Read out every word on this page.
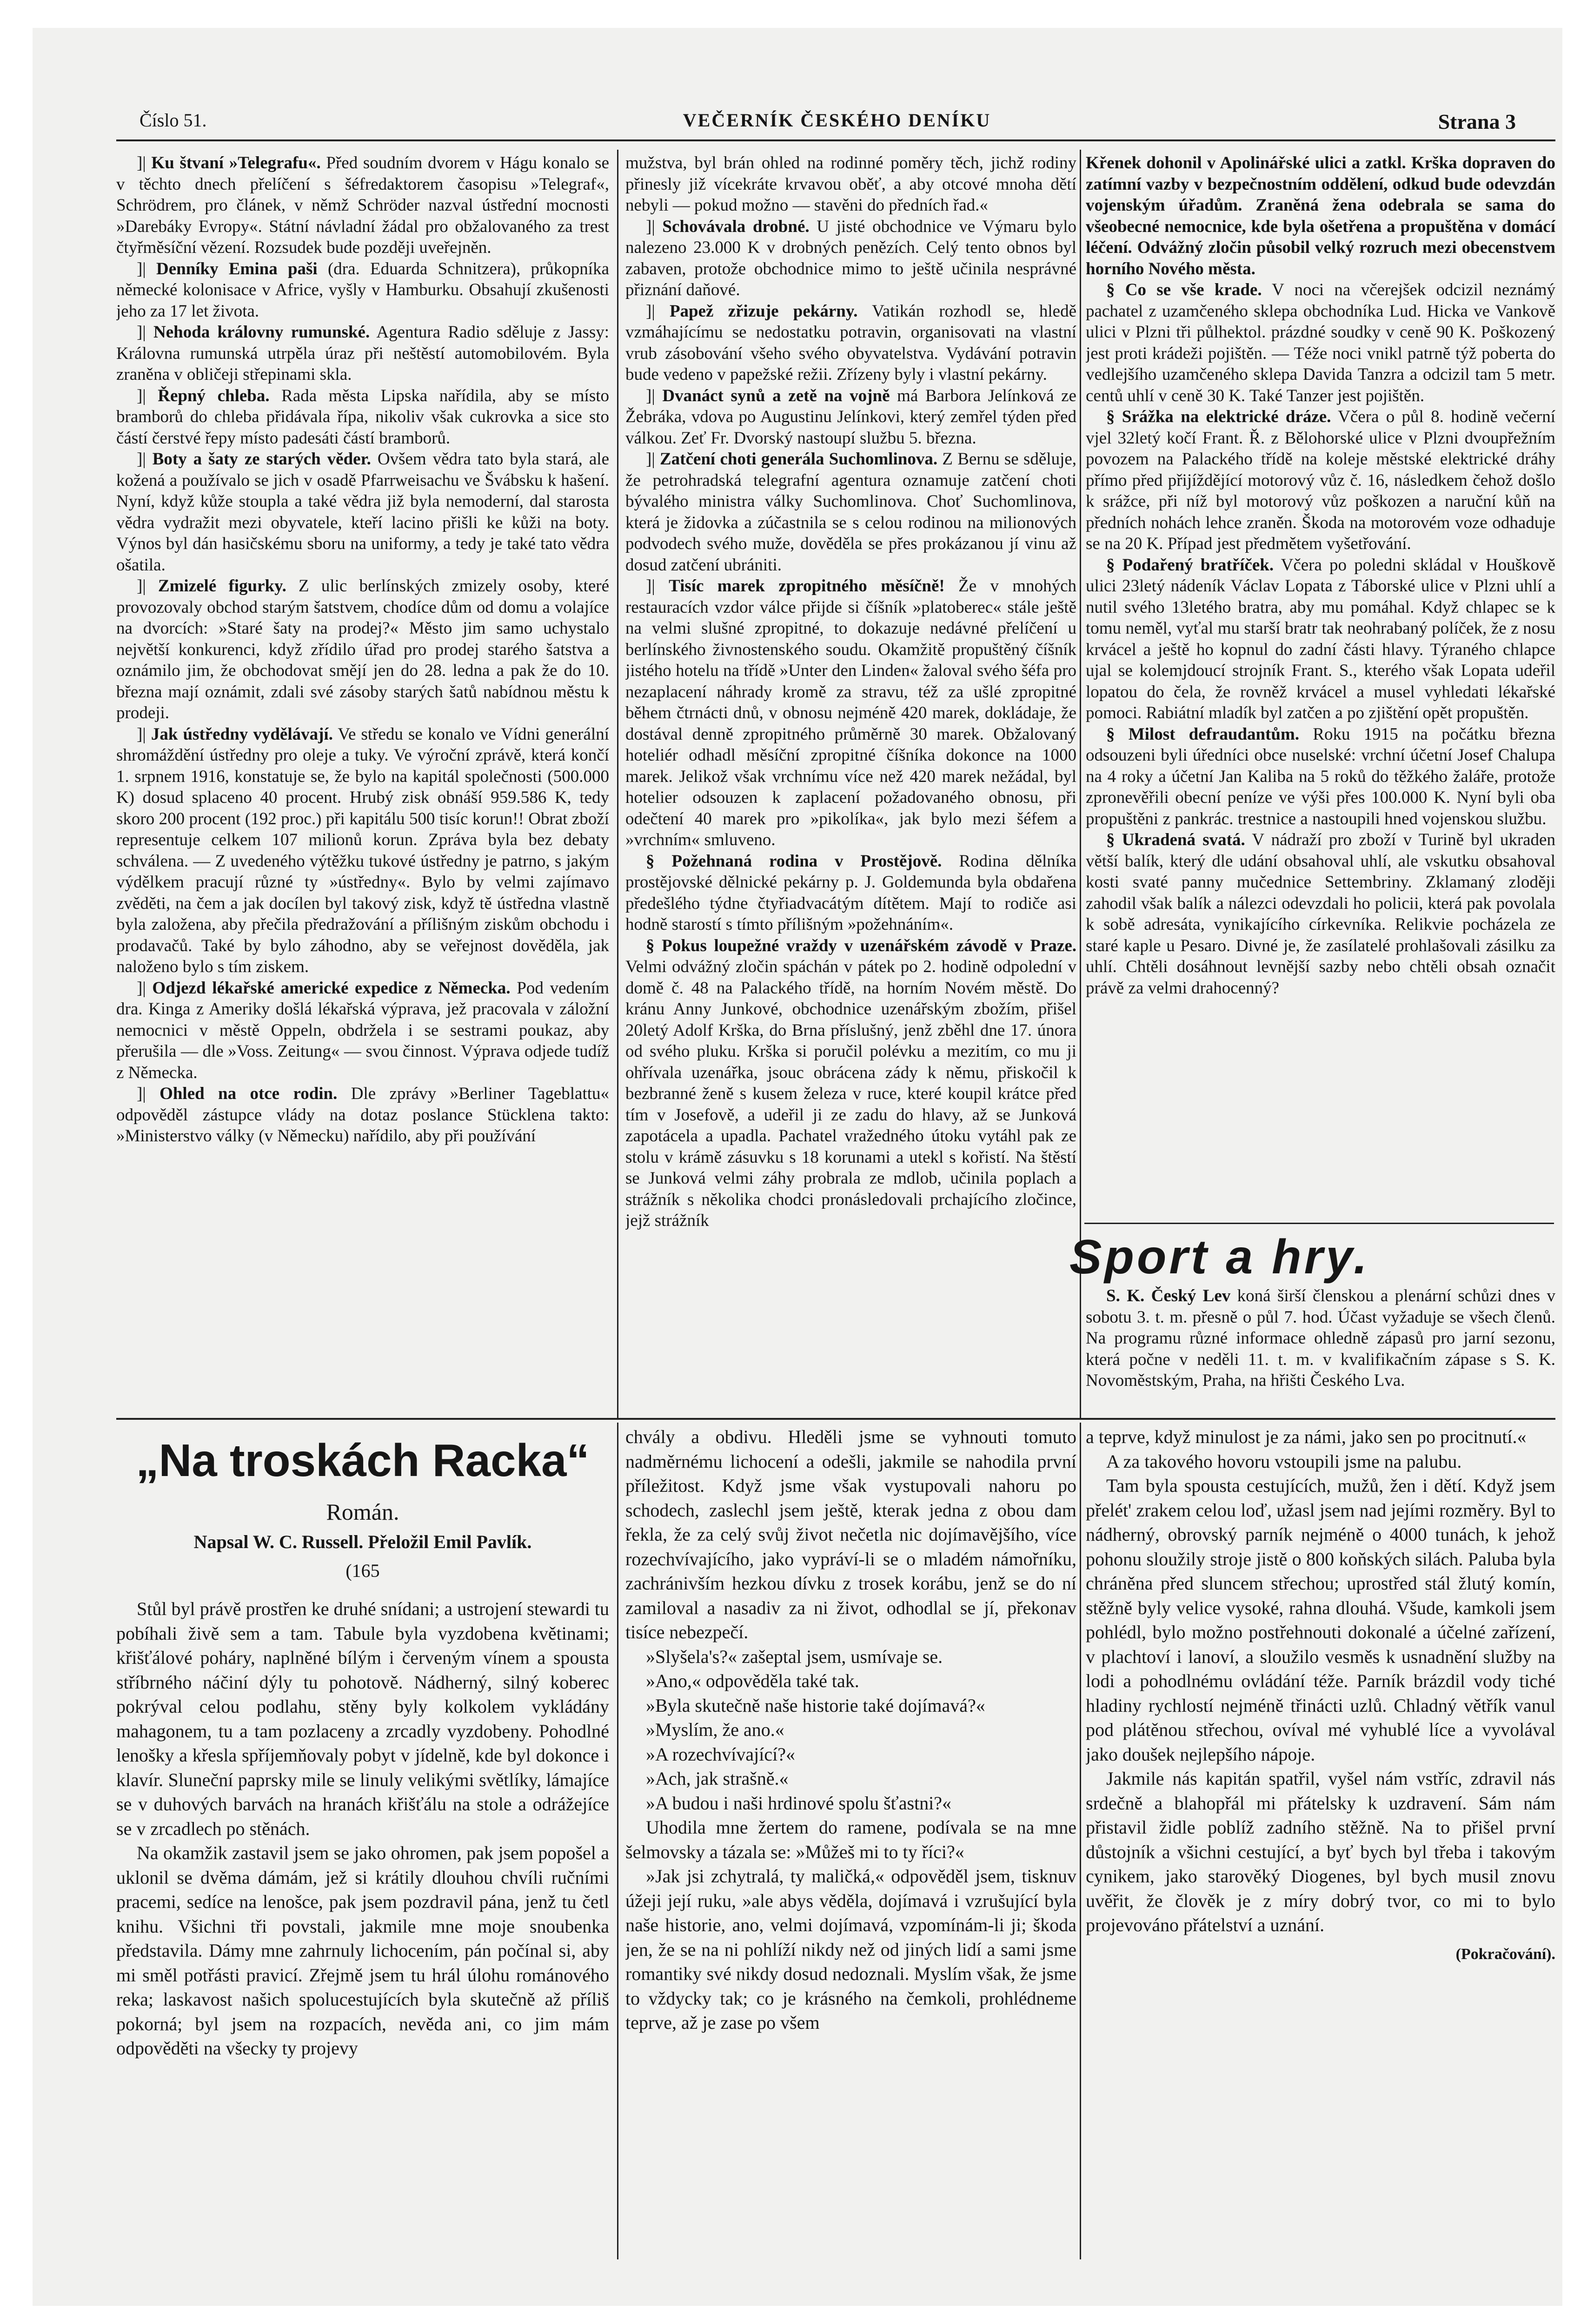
Číslo 51.	VEČERNÍK ČESKÉHO DENÍKU	Strana 3

]| Ku štvaní »Telegrafu«. Před soudním dvorem v Hágu konalo se v těchto dnech přelíčení s šéfredaktorem časopisu »Telegraf«, Schrödrem, pro článek, v němž Schröder nazval ústřední mocnosti »Darebáky Evropy«. Státní návladní žádal pro obžalovaného za trest čtyřměsíční vězení. Rozsudek bude později uveřejněn.

]| Denníky Emina paši (dra. Eduarda Schnitzera), průkopníka německé kolonisace v Africe, vyšly v Hamburku. Obsahují zkušenosti jeho za 17 let života.

]| Nehoda královny rumunské. Agentura Radio sděluje z Jassy: Královna rumunská utrpěla úraz při neštěstí automobilovém. Byla zraněna v obličeji střepinami skla.

]| Řepný chleba. Rada města Lipska nařídila, aby se místo bramborů do chleba přidávala řípa, nikoliv však cukrovka a sice sto částí čerstvé řepy místo padesáti částí bramborů.

]| Boty a šaty ze starých věder. Ovšem vědra tato byla stará, ale kožená a používalo se jich v osadě Pfarrweisachu ve Švábsku k hašení. Nyní, když kůže stoupla a také vědra již byla nemoderní, dal starosta vědra vydražit mezi obyvatele, kteří lacino přišli ke kůži na boty. Výnos byl dán hasičskému sboru na uniformy, a tedy je také tato vědra ošatila.

]| Zmizelé figurky. Z ulic berlínských zmizely osoby, které provozovaly obchod starým šatstvem, chodíce dům od domu a volajíce na dvorcích: »Staré šaty na prodej?« Město jim samo uchystalo největší konkurenci, když zřídilo úřad pro prodej starého šatstva a oznámilo jim, že obchodovat smějí jen do 28. ledna a pak že do 10. března mají oznámit, zdali své zásoby starých šatů nabídnou městu k prodeji.

]| Jak ústředny vydělávají. Ve středu se konalo ve Vídni generální shromáždění ústředny pro oleje a tuky. Ve výroční zprávě, která končí 1. srpnem 1916, konstatuje se, že bylo na kapitál společnosti (500.000 K) dosud splaceno 40 procent. Hrubý zisk obnáší 959.586 K, tedy skoro 200 procent (192 proc.) při kapitálu 500 tisíc korun!! Obrat zboží representuje celkem 107 milionů korun. Zpráva byla bez debaty schválena. — Z uvedeného výtěžku tukové ústředny je patrno, s jakým výdělkem pracují různé ty »ústředny«. Bylo by velmi zajímavo zvěděti, na čem a jak docílen byl takový zisk, když tě ústředna vlastně byla založena, aby přečila předražování a přílišným ziskům obchodu i prodavačů. Také by bylo záhodno, aby se veřejnost dověděla, jak naloženo bylo s tím ziskem.

]| Odjezd lékařské americké expedice z Německa. Pod vedením dra. Kinga z Ameriky došlá lékařská výprava, jež pracovala v záložní nemocnici v městě Oppeln, obdržela i se sestrami poukaz, aby přerušila — dle »Voss. Zeitung« — svou činnost. Výprava odjede tudíž z Německa.

]| Ohled na otce rodin. Dle zprávy »Berliner Tageblattu« odpověděl zástupce vlády na dotaz poslance Stücklena takto: »Ministerstvo války (v Německu) nařídilo, aby při používání

mužstva, byl brán ohled na rodinné poměry těch, jichž rodiny přinesly již vícekráte krvavou oběť, a aby otcové mnoha dětí nebyli — pokud možno — stavěni do předních řad.«

]| Schovávala drobné. U jisté obchodnice ve Výmaru bylo nalezeno 23.000 K v drobných penězích. Celý tento obnos byl zabaven, protože obchodnice mimo to ještě učinila nesprávné přiznání daňové.

]| Papež zřizuje pekárny. Vatikán rozhodl se, hledě vzmáhajícímu se nedostatku potravin, organisovati na vlastní vrub zásobování všeho svého obyvatelstva. Vydávání potravin bude vedeno v papežské režii. Zřízeny byly i vlastní pekárny.

]| Dvanáct synů a zetě na vojně má Barbora Jelínková ze Žebráka, vdova po Augustinu Jelínkovi, který zemřel týden před válkou. Zeť Fr. Dvorský nastoupí službu 5. března.

]| Zatčení choti generála Suchomlinova. Z Bernu se sděluje, že petrohradská telegrafní agentura oznamuje zatčení choti bývalého ministra války Suchomlinova. Choť Suchomlinova, která je židovka a zúčastnila se s celou rodinou na milionových podvodech svého muže, dověděla se přes prokázanou jí vinu až dosud zatčení ubrániti.

]| Tisíc marek zpropitného měsíčně! Že v mnohých restauracích vzdor válce přijde si číšník »platoberec« stále ještě na velmi slušné zpropitné, to dokazuje nedávné přelíčení u berlínského živnostenského soudu. Okamžitě propuštěný číšník jistého hotelu na třídě »Unter den Linden« žaloval svého šéfa pro nezaplacení náhrady kromě za stravu, též za ušlé zpropitné během čtrnácti dnů, v obnosu nejméně 420 marek, dokládaje, že dostával denně zpropitného průměrně 30 marek. Obžalovaný hoteliér odhadl měsíční zpropitné číšníka dokonce na 1000 marek. Jelikož však vrchnímu více než 420 marek nežádal, byl hotelier odsouzen k zaplacení požadovaného obnosu, při odečtení 40 marek pro »pikolíka«, jak bylo mezi šéfem a »vrchním« smluveno.

§ Požehnaná rodina v Prostějově. Rodina dělníka prostějovské dělnické pekárny p. J. Goldemunda byla obdařena předešlého týdne čtyřiadvacátým dítětem. Mají to rodiče asi hodně starostí s tímto přílišným »požehnáním«.

§ Pokus loupežné vraždy v uzenářském závodě v Praze. Velmi odvážný zločin spáchán v pátek po 2. hodině odpolední v domě č. 48 na Palackého třídě, na horním Novém městě. Do kránu Anny Junkové, obchodnice uzenářským zbožím, přišel 20letý Adolf Krška, do Brna příslušný, jenž zběhl dne 17. února od svého pluku. Krška si poručil polévku a mezitím, co mu ji ohřívala uzenářka, jsouc obrácena zády k němu, přiskočil k bezbranné ženě s kusem železa v ruce, které koupil krátce před tím v Josefově, a udeřil ji ze zadu do hlavy, až se Junková zapotácela a upadla. Pachatel vražedného útoku vytáhl pak ze stolu v krámě zásuvku s 18 korunami a utekl s kořistí. Na štěstí se Junková velmi záhy probrala ze mdlob, učinila poplach a strážník s několika chodci pronásledovali prchajícího zločince, jejž strážník

Křenek dohonil v Apolinářské ulici a zatkl. Krška dopraven do zatímní vazby v bezpečnostním oddělení, odkud bude odevzdán vojenským úřadům. Zraněná žena odebrala se sama do všeobecné nemocnice, kde byla ošetřena a propuštěna v domácí léčení. Odvážný zločin působil velký rozruch mezi obecenstvem horního Nového města.

§ Co se vše krade. V noci na včerejšek odcizil neznámý pachatel z uzamčeného sklepa obchodníka Lud. Hicka ve Vankově ulici v Plzni tři půlhektol. prázdné soudky v ceně 90 K. Poškozený jest proti krádeži pojištěn. — Téže noci vnikl patrně týž poberta do vedlejšího uzamčeného sklepa Davida Tanzra a odcizil tam 5 metr. centů uhlí v ceně 30 K. Také Tanzer jest pojištěn.

§ Srážka na elektrické dráze. Včera o půl 8. hodině večerní vjel 32letý kočí Frant. Ř. z Bělohorské ulice v Plzni dvoupřežním povozem na Palackého třídě na koleje městské elektrické dráhy přímo před přijíždějící motorový vůz č. 16, následkem čehož došlo k srážce, při níž byl motorový vůz poškozen a naruční kůň na předních nohách lehce zraněn. Škoda na motorovém voze odhaduje se na 20 K. Případ jest předmětem vyšetřování.

§ Podařený bratříček. Včera po poledni skládal v Houškově ulici 23letý nádeník Václav Lopata z Táborské ulice v Plzni uhlí a nutil svého 13letého bratra, aby mu pomáhal. Když chlapec se k tomu neměl, vyťal mu starší bratr tak neohrabaný políček, že z nosu krvácel a ještě ho kopnul do zadní části hlavy. Týraného chlapce ujal se kolemjdoucí strojník Frant. S., kterého však Lopata udeřil lopatou do čela, že rovněž krvácel a musel vyhledati lékařské pomoci. Rabiátní mladík byl zatčen a po zjištění opět propuštěn.

§ Milost defraudantům. Roku 1915 na počátku března odsouzeni byli úředníci obce nuselské: vrchní účetní Josef Chalupa na 4 roky a účetní Jan Kaliba na 5 roků do těžkého žaláře, protože zpronevěřili obecní peníze ve výši přes 100.000 K. Nyní byli oba propuštěni z pankrác. trestnice a nastoupili hned vojenskou službu.

§ Ukradená svatá. V nádraží pro zboží v Turině byl ukraden větší balík, který dle udání obsahoval uhlí, ale vskutku obsahoval kosti svaté panny mučednice Settembriny. Zklamaný zloději zahodil však balík a nálezci odevzdali ho policii, která pak povolala k sobě adresáta, vynikajícího církevníka. Relikvie pocházela ze staré kaple u Pesaro. Divné je, že zasílatelé prohlašovali zásilku za uhlí. Chtěli dosáhnout levnější sazby nebo chtěli obsah označit právě za velmi drahocenný?

Sport a hry.

S. K. Český Lev koná širší členskou a plenární schůzi dnes v sobotu 3. t. m. přesně o půl 7. hod. Účast vyžaduje se všech členů. Na programu různé informace ohledně zápasů pro jarní sezonu, která počne v neděli 11. t. m. v kvalifikačním zápase s S. K. Novoměstským, Praha, na hřišti Českého Lva.

„Na troskách Racka“
Román.
Napsal W. C. Russell. Přeložil Emil Pavlík.
(165

Stůl byl právě prostřen ke druhé snídani; a ustrojení stewardi tu pobíhali živě sem a tam. Tabule byla vyzdobena květinami; křišťálové poháry, naplněné bílým i červeným vínem a spousta stříbrného náčiní dýly tu pohotově. Nádherný, silný koberec pokrýval celou podlahu, stěny byly kolkolem vykládány mahagonem, tu a tam pozlaceny a zrcadly vyzdobeny. Pohodlné lenošky a křesla spříjemňovaly pobyt v jídelně, kde byl dokonce i klavír. Sluneční paprsky mile se linuly velikými světlíky, lámajíce se v duhových barvách na hranách křišťálu na stole a odrážejíce se v zrcadlech po stěnách.

Na okamžik zastavil jsem se jako ohromen, pak jsem popošel a uklonil se dvěma dámám, jež si krátily dlouhou chvíli ručními pracemi, sedíce na lenošce, pak jsem pozdravil pána, jenž tu četl knihu. Všichni tři povstali, jakmile mne mojе snoubenka představila. Dámy mne zahrnuly lichocením, pán počínal si, aby mi směl potřásti pravicí. Zřejmě jsem tu hrál úlohu románového reka; laskavost našich spolucestujících byla skutečně až příliš pokorná; byl jsem na rozpacích, nevěda ani, co jim mám odpověděti na všecky ty projevy

chvály a obdivu. Hleděli jsme se vyhnouti tomuto nadměrnému lichocení a odešli, jakmile se nahodila první příležitost. Když jsme však vystupovali nahoru po schodech, zaslechl jsem ještě, kterak jedna z obou dam řekla, že za celý svůj život nečetla nic dojímavějšího, více rozechvívajícího, jako vypráví-li se o mladém námořníku, zachránivším hezkou dívku z trosek korábu, jenž se do ní zamiloval a nasadiv za ni život, odhodlal se jí, překonav tisíce nebezpečí.

»Slyšela's?« zašeptal jsem, usmívaje se.

»Ano,« odpověděla také tak.

»Byla skutečně naše historie také dojímavá?«

»Myslím, že ano.«

»A rozechvívající?«

»Ach, jak strašně.«

»A budou i naši hrdinové spolu šťastni?«

Uhodila mne žertem do ramene, podívala se na mne šelmovsky a tázala se: »Můžeš mi to ty říci?«

»Jak jsi zchytralá, ty maličká,« odpověděl jsem, tisknuv úžeji její ruku, »ale abys věděla, dojímavá i vzrušující byla naše historie, ano, velmi dojímavá, vzpomínám-li ji; škoda jen, že se na ni pohlíží nikdy než od jiných lidí a sami jsme romantiky své nikdy dosud nedoznali. Myslím však, že jsme to vždycky tak; co je krásného na čemkoli, prohlédneme teprve, až je zase po všem

a teprve, když minulost je za námi, jako sen po procitnutí.«

A za takového hovoru vstoupili jsme na palubu.

Tam byla spousta cestujících, mužů, žen i dětí. Když jsem přelét' zrakem celou loď, užasl jsem nad jejími rozměry. Byl to nádherný, obrovský parník nejméně o 4000 tunách, k jehož pohonu sloužily stroje jistě o 800 koňských silách. Paluba byla chráněna před sluncem střechou; uprostřed stál žlutý komín, stěžně byly velice vysoké, rahna dlouhá. Všude, kamkoli jsem pohlédl, bylo možno postřehnouti dokonalé a účelné zařízení, v plachtoví i lanoví, a sloužilo vesměs k usnadnění služby na lodi a pohodlnému ovládání téže. Parník brázdil vody tiché hladiny rychlostí nejméně třinácti uzlů. Chladný větřík vanul pod plátěnou střechou, ovíval mé vyhublé líce a vyvolával jako doušek nejlepšího nápoje.

Jakmile nás kapitán spatřil, vyšel nám vstříc, zdravil nás srdečně a blahopřál mi přátelsky k uzdravení. Sám nám přistavil židle poblíž zadního stěžně. Na to přišel první důstojník a všichni cestující, a byť bych byl třeba i takovým cynikem, jako starověký Diogenes, byl bych musil znovu uvěřit, že člověk je z míry dobrý tvor, co mi to bylo projevováno přátelství a uznání.

(Pokračování).
